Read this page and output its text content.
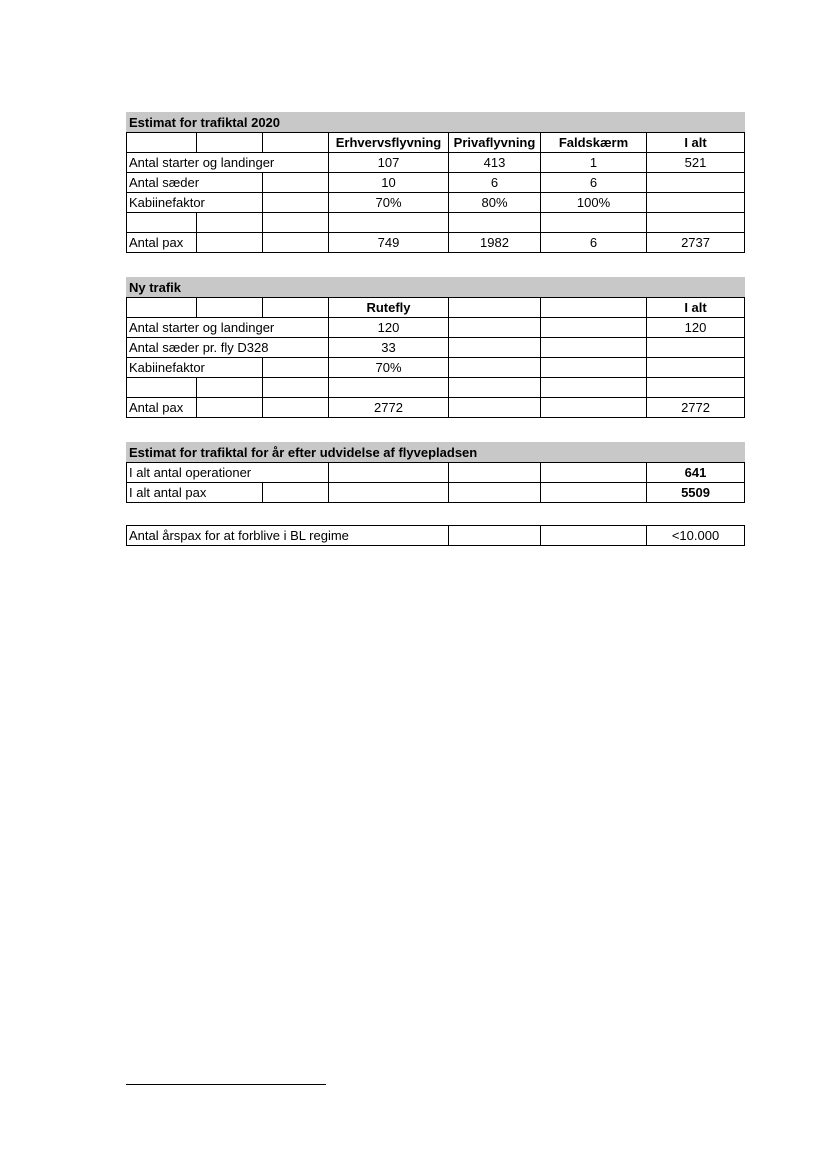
Estimat for trafiktal 2020						
			Erhvervsflyvning	Privaflyvning	Faldskærm	I alt
Antal starter og landinger			107	413	1	521
Antal sæder			10	6	6	
Kabiinefaktor			70%	80%	100%	

Antal pax			749	1982	6	2737
Ny trafik						
			Rutefly			I alt
Antal starter og landinger			120			120
Antal sæder pr. fly D328			33			
Kabiinefaktor			70%			

Antal pax			2772			2772
Estimat for trafiktal for år efter udvidelse af flyvepladsen					
I alt antal operationer					641
I alt antal pax					5509
Antal årspax for at forblive i BL regime			<10.000
